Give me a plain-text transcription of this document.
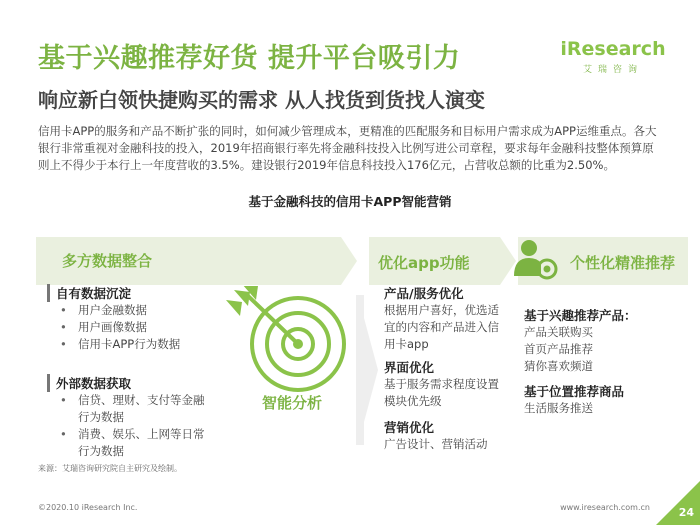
基于兴趣推荐好货 提升平台吸引力
响应新白领快捷购买的需求 从人找货到货找人演变
iResearch
艾瑞咨询
信用卡APP的服务和产品不断扩张的同时，如何减少管理成本，更精准的匹配服务和目标用户需求成为APP运维重点。各大银行非常重视对金融科技的投入，2019年招商银行率先将金融科技投入比例写进公司章程，要求每年金融科技整体预算原则上不得少于本行上一年度营收的3.5%。建设银行2019年信息科技投入176亿元，占营收总额的比重为2.50%。
基于金融科技的信用卡APP智能营销
多方数据整合	优化app功能	个性化精准推荐
自有数据沉淀
• 用户金融数据
• 用户画像数据
• 信用卡APP行为数据
外部数据获取
• 信贷、理财、支付等金融行为数据
• 消费、娱乐、上网等日常行为数据
智能分析
产品/服务优化
根据用户喜好，优选适宜的内容和产品进入信用卡app
界面优化
基于服务需求程度设置模块优先级
营销优化
广告设计、营销活动
基于兴趣推荐产品：
产品关联购买
首页产品推荐
猜你喜欢频道
基于位置推荐商品
生活服务推送
来源：艾瑞咨询研究院自主研究及绘制。
©2020.10 iResearch Inc.	www.iresearch.com.cn	24
